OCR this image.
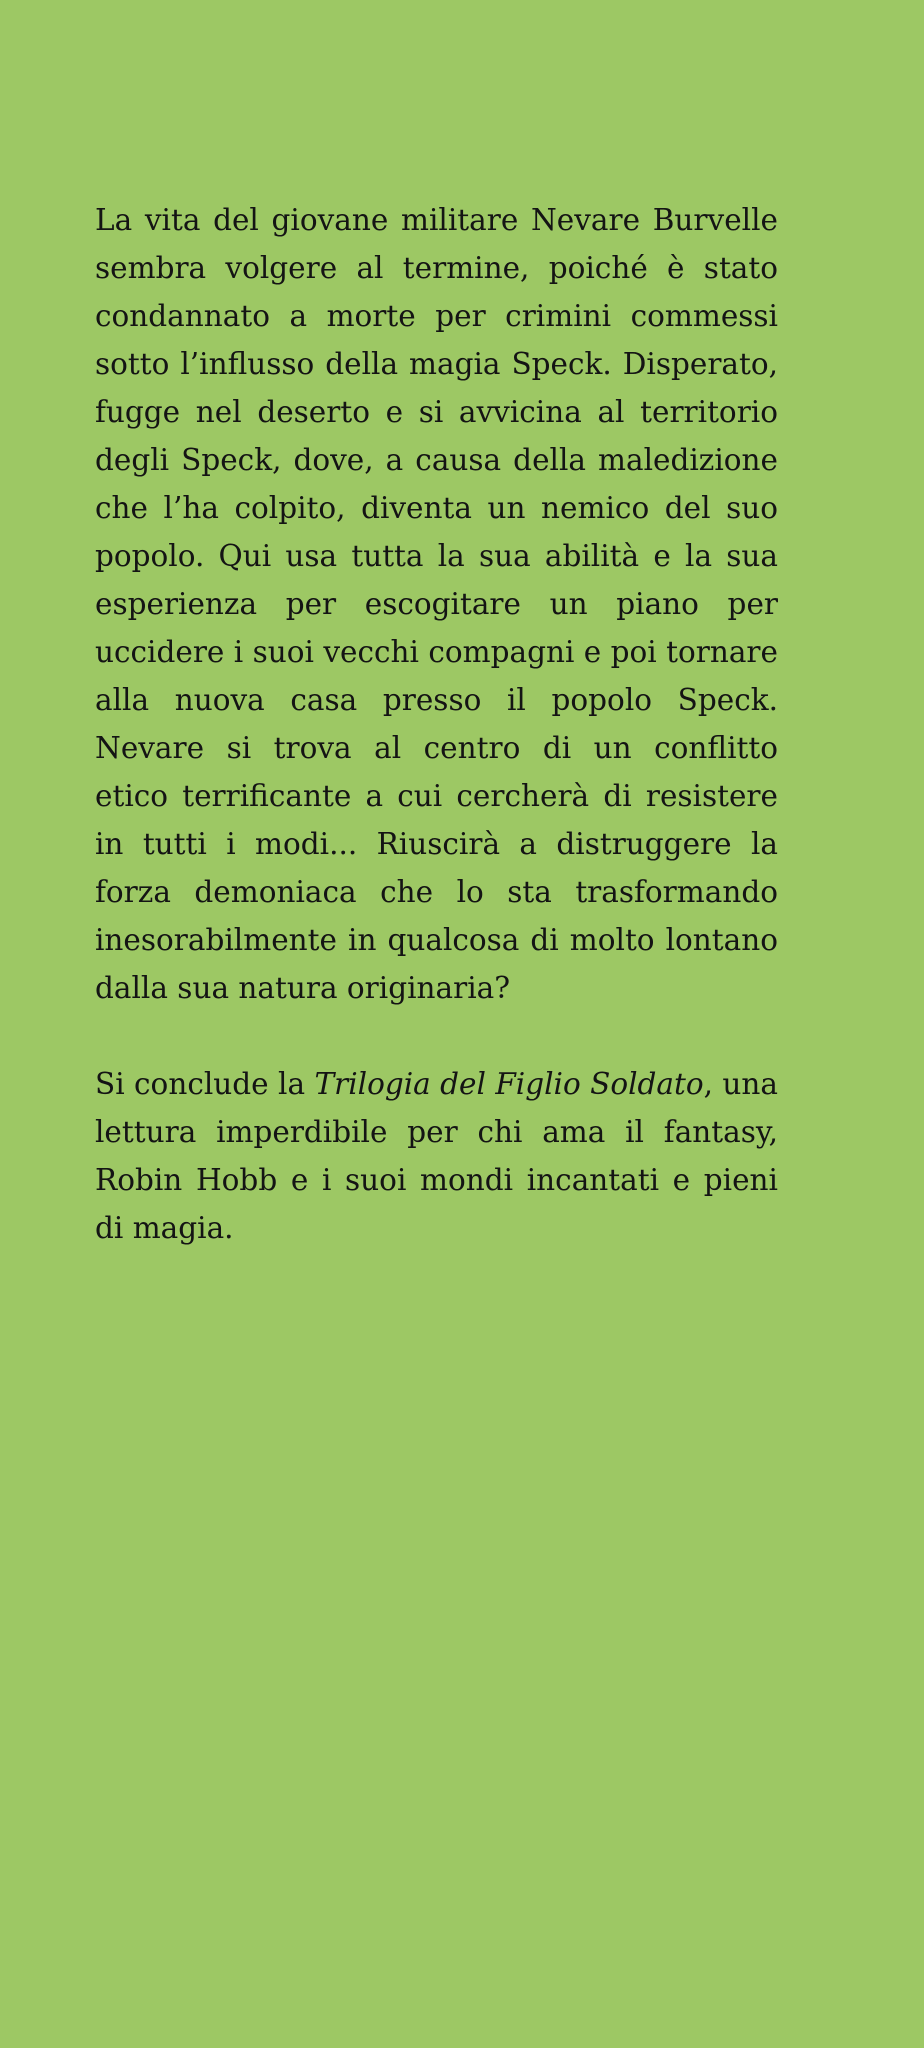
La vita del giovane militare Nevare Burvelle
sembra volgere al termine, poiché è stato
condannato a morte per crimini commessi
sotto l’influsso della magia Speck. Disperato,
fugge nel deserto e si avvicina al territorio
degli Speck, dove, a causa della maledizione
che l’ha colpito, diventa un nemico del suo
popolo. Qui usa tutta la sua abilità e la sua
esperienza per escogitare un piano per
uccidere i suoi vecchi compagni e poi tornare
alla nuova casa presso il popolo Speck.
Nevare si trova al centro di un conflitto
etico terrificante a cui cercherà di resistere
in tutti i modi... Riuscirà a distruggere la
forza demoniaca che lo sta trasformando
inesorabilmente in qualcosa di molto lontano
dalla sua natura originaria?
Si conclude la Trilogia del Figlio Soldato, una
lettura imperdibile per chi ama il fantasy,
Robin Hobb e i suoi mondi incantati e pieni
di magia.
